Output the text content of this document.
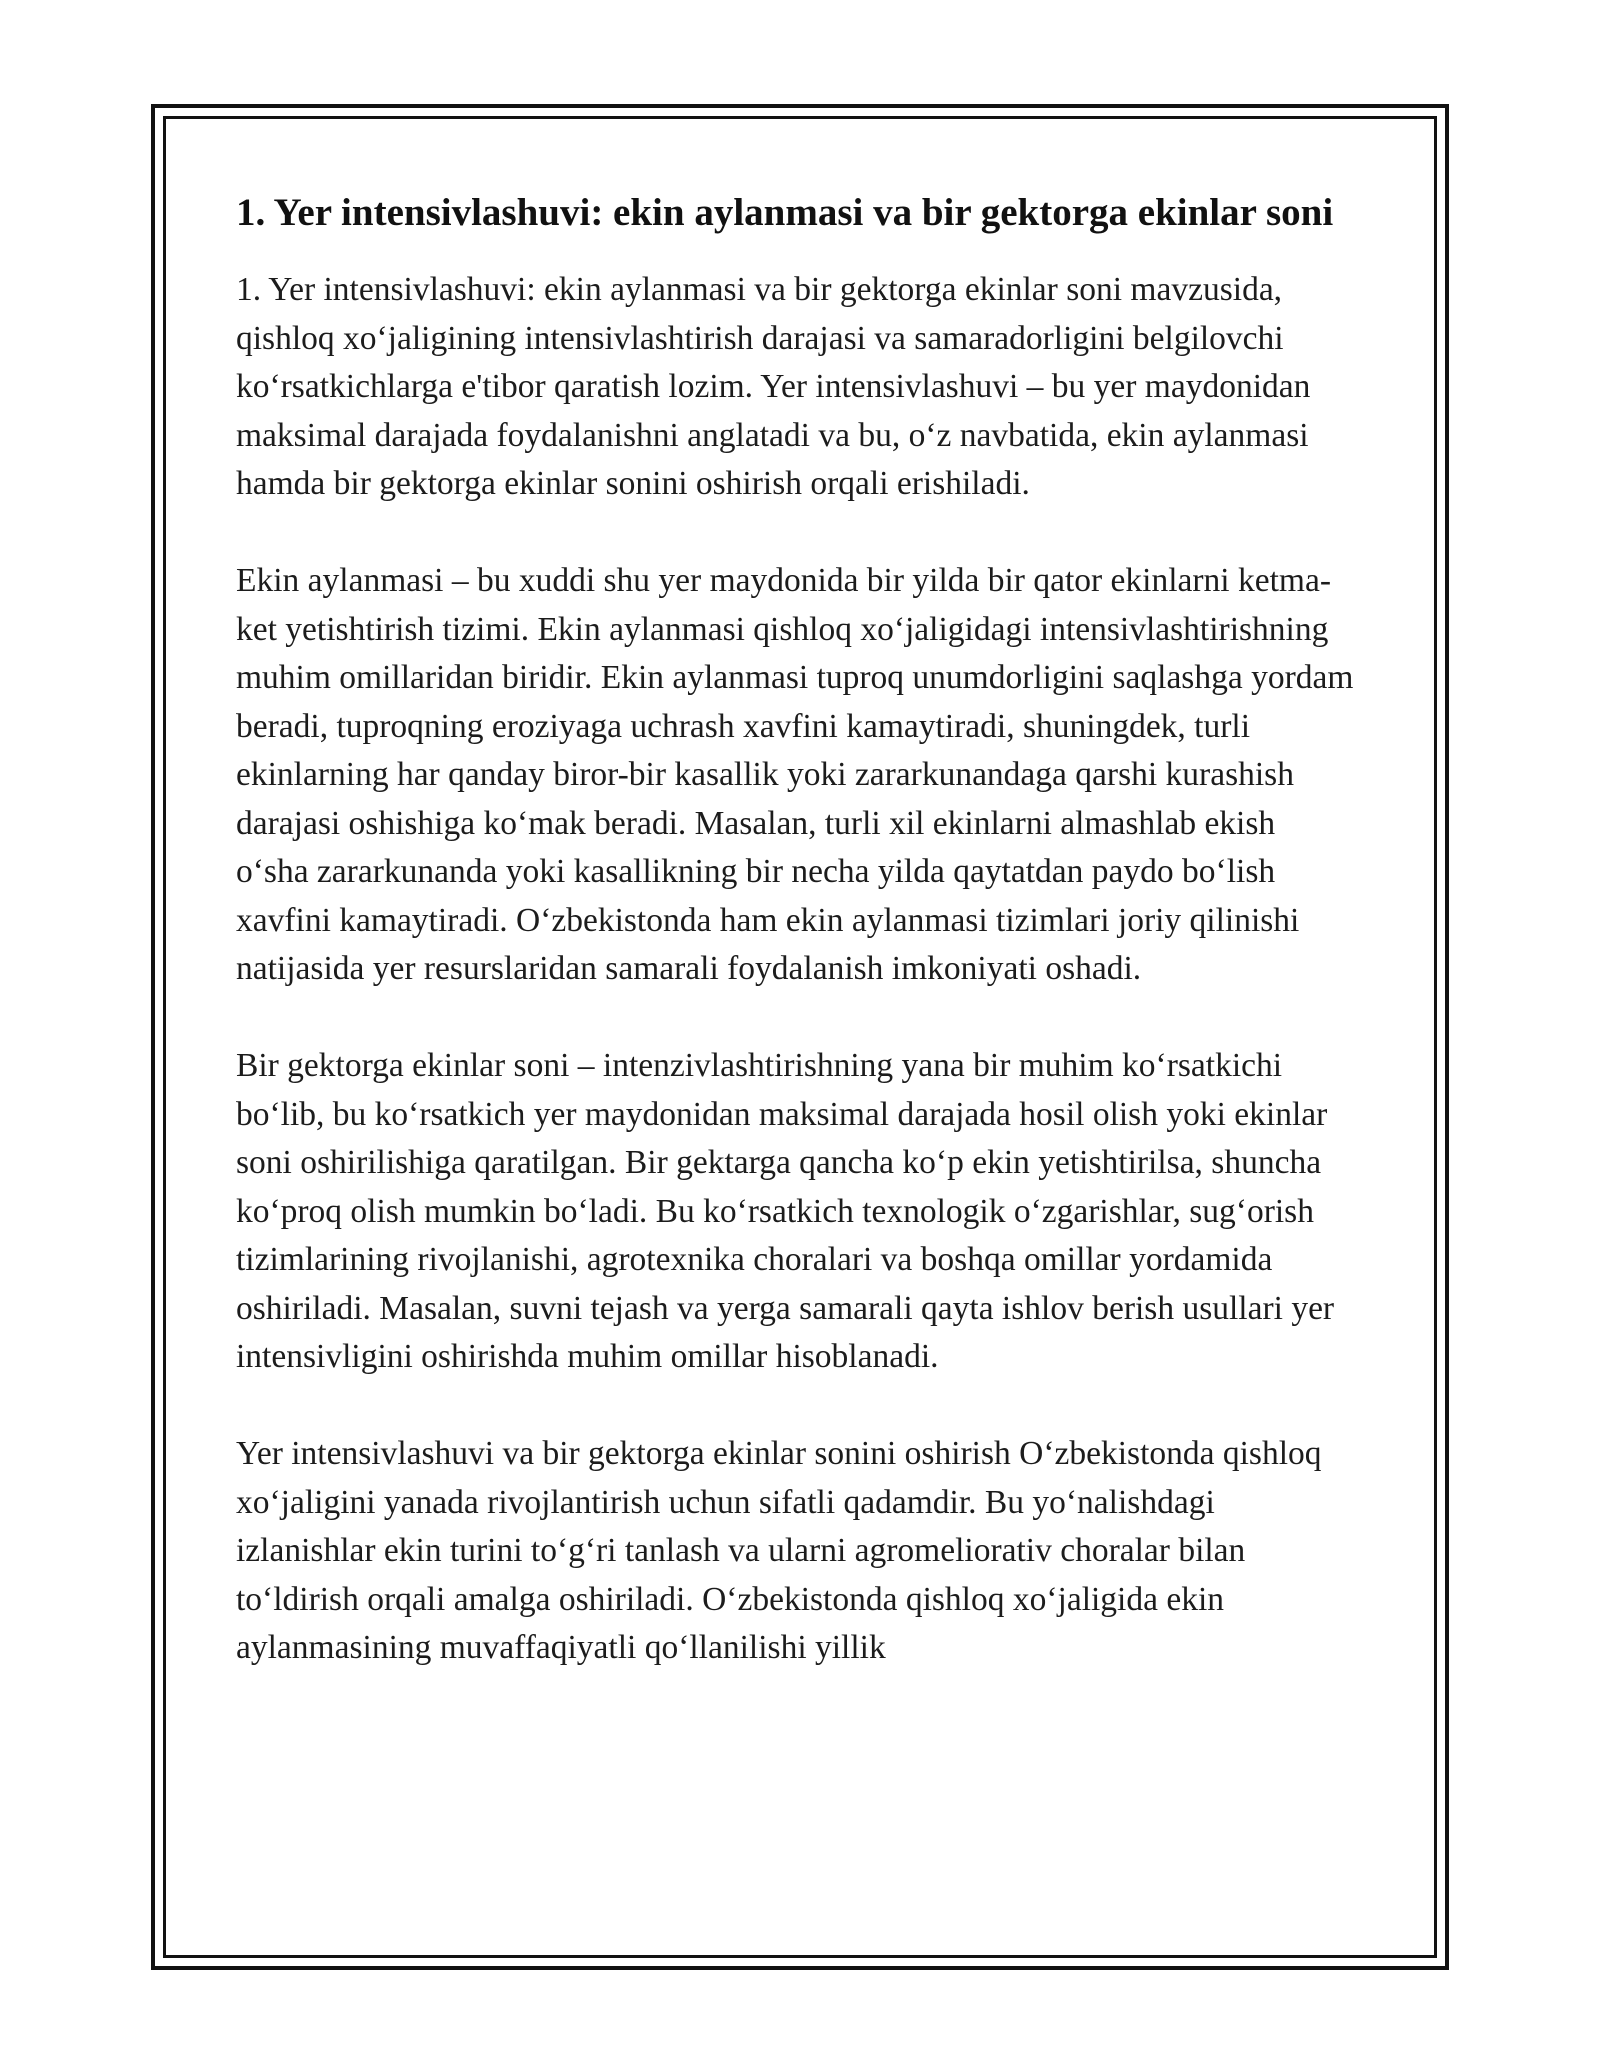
1. Yer intensivlashuvi: ekin aylanmasi va bir gektorga ekinlar soni

1. Yer intensivlashuvi: ekin aylanmasi va bir gektorga ekinlar soni mavzusida, qishloq xo‘jaligining intensivlashtirish darajasi va samaradorligini belgilovchi ko‘rsatkichlarga e'tibor qaratish lozim. Yer intensivlashuvi – bu yer maydonidan maksimal darajada foydalanishni anglatadi va bu, o‘z navbatida, ekin aylanmasi hamda bir gektorga ekinlar sonini oshirish orqali erishiladi.

Ekin aylanmasi – bu xuddi shu yer maydonida bir yilda bir qator ekinlarni ketma-ket yetishtirish tizimi. Ekin aylanmasi qishloq xo‘jaligidagi intensivlashtirishning muhim omillaridan biridir. Ekin aylanmasi tuproq unumdorligini saqlashga yordam beradi, tuproqning eroziyaga uchrash xavfini kamaytiradi, shuningdek, turli ekinlarning har qanday biror-bir kasallik yoki zararkunandaga qarshi kurashish darajasi oshishiga ko‘mak beradi. Masalan, turli xil ekinlarni almashlab ekish o‘sha zararkunanda yoki kasallikning bir necha yilda qaytatdan paydo bo‘lish xavfini kamaytiradi. O‘zbekistonda ham ekin aylanmasi tizimlari joriy qilinishi natijasida yer resurslaridan samarali foydalanish imkoniyati oshadi.

Bir gektorga ekinlar soni – intenzivlashtirishning yana bir muhim ko‘rsatkichi bo‘lib, bu ko‘rsatkich yer maydonidan maksimal darajada hosil olish yoki ekinlar soni oshirilishiga qaratilgan. Bir gektarga qancha ko‘p ekin yetishtirilsa, shuncha ko‘proq olish mumkin bo‘ladi. Bu ko‘rsatkich texnologik o‘zgarishlar, sug‘orish tizimlarining rivojlanishi, agrotexnika choralari va boshqa omillar yordamida oshiriladi. Masalan, suvni tejash va yerga samarali qayta ishlov berish usullari yer intensivligini oshirishda muhim omillar hisoblanadi.

Yer intensivlashuvi va bir gektorga ekinlar sonini oshirish O‘zbekistonda qishloq xo‘jaligini yanada rivojlantirish uchun sifatli qadamdir. Bu yo‘nalishdagi izlanishlar ekin turini to‘g‘ri tanlash va ularni agromeliorativ choralar bilan to‘ldirish orqali amalga oshiriladi. O‘zbekistonda qishloq xo‘jaligida ekin aylanmasining muvaffaqiyatli qo‘llanilishi yillik
